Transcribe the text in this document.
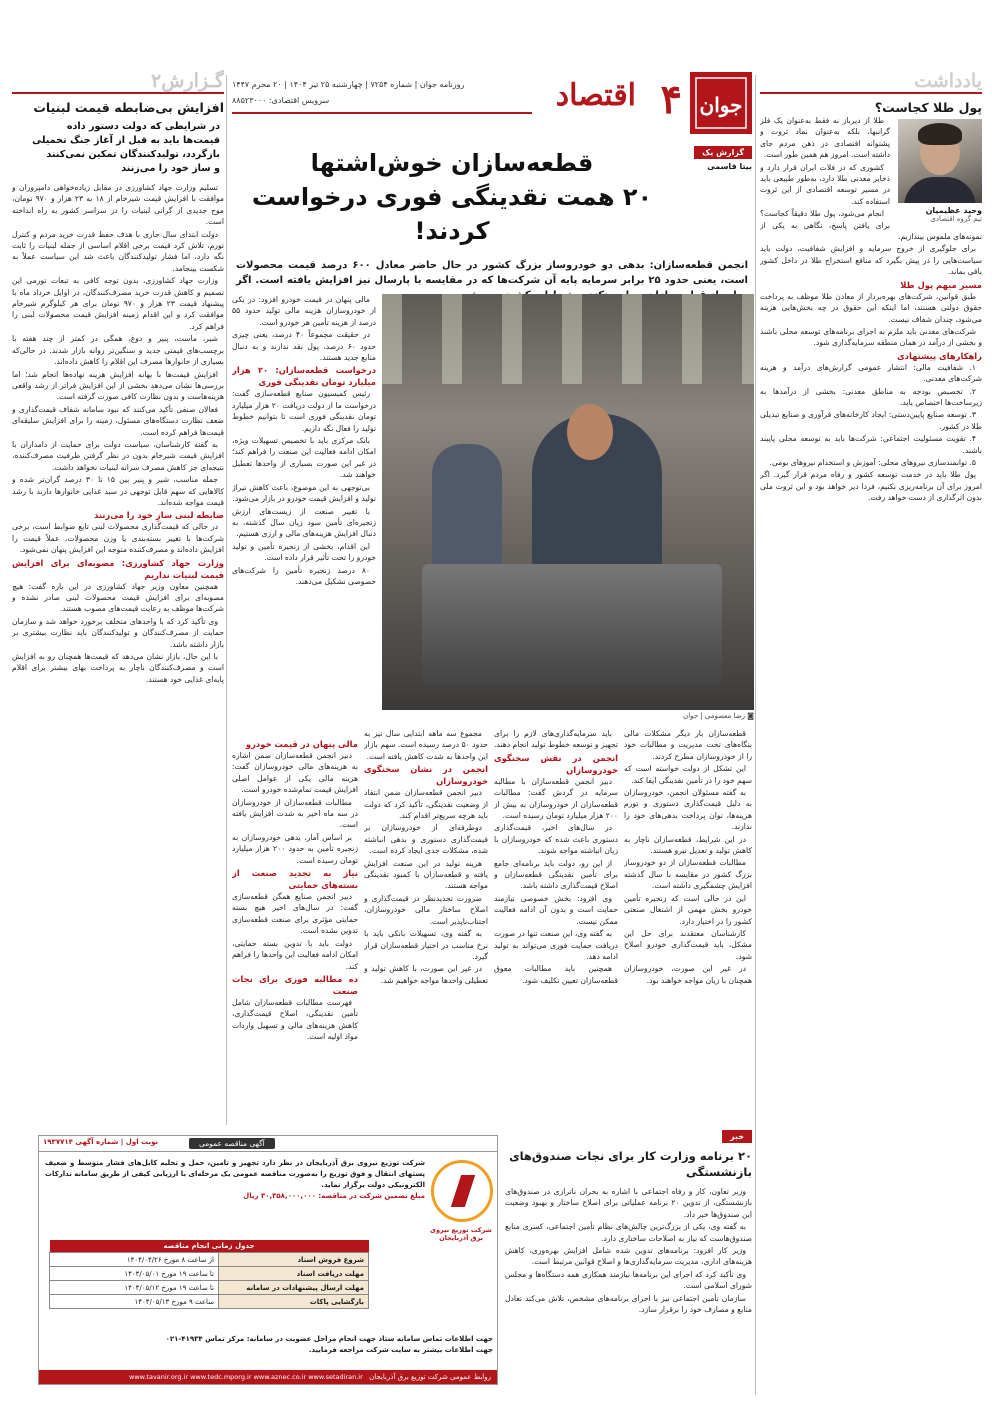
گـزارش۲
افزایش بی‌ضابطه قیمت لبنیات
در شرایطی که دولت دستور داده
قیمت‌ها باید به قبل از آغاز جنگ تحمیلی
بازگردد، تولیدکنندگان تمکین نمی‌کنند
و ساز خود را می‌زنند

تسلیم وزارت جهاد کشاورزی در مقابل زیاده‌خواهی دامپروران و موافقت با افزایش قیمت شیرخام از ۱۸ به ۲۳ هزار و ۹۷۰ تومان، موج جدیدی از گرانی لبنیات را در سراسر کشور به راه انداخته است.

دولت ابتدای سال جاری با هدف حفظ قدرت خرید مردم و کنترل تورم، تلاش کرد قیمت برخی اقلام اساسی از جمله لبنیات را ثابت نگه دارد، اما فشار تولیدکنندگان باعث شد این سیاست عملاً به شکست بینجامد.

وزارت جهاد کشاورزی، بدون توجه کافی به تبعات تورمی این تصمیم و کاهش قدرت خرید مصرف‌کنندگان، در اوایل خرداد ماه با پیشنهاد قیمت ۲۳ هزار و ۹۷۰ تومان برای هر کیلوگرم شیرخام موافقت کرد و این اقدام زمینه افزایش قیمت محصولات لبنی را فراهم کرد.

شیر، ماست، پنیر و دوغ، همگی در کمتر از چند هفته با برچسب‌های قیمتی جدید و سنگین‌تر روانه بازار شدند. در حالی‌که بسیاری از خانوارها مصرف این اقلام را کاهش داده‌اند.

افزایش قیمت‌ها با بهانه افزایش هزینه نهاده‌ها انجام شد؛ اما بررسی‌ها نشان می‌دهد بخشی از این افزایش فراتر از رشد واقعی هزینه‌هاست و بدون نظارت کافی صورت گرفته است.

فعالان صنفی تأکید می‌کنند که نبود سامانه شفاف قیمت‌گذاری و ضعف نظارت دستگاه‌های مسئول، زمینه را برای افزایش سلیقه‌ای قیمت‌ها فراهم کرده است.

به گفته کارشناسان، سیاست دولت برای حمایت از دامداران با افزایش قیمت شیرخام بدون در نظر گرفتن ظرفیت مصرف‌کننده، نتیجه‌ای جز کاهش مصرف سرانه لبنیات نخواهد داشت.

جمله مناسب، شیر و پنیر بین ۱۵ تا ۳۰ درصد گران‌تر شده و کالاهایی که سهم قابل توجهی در سبد غذایی خانوارها دارند با رشد قیمت مواجه شده‌اند.

ضابطه لبنی سازِ خود را می‌زنند

در حالی که قیمت‌گذاری محصولات لبنی تابع ضوابط است، برخی شرکت‌ها با تغییر بسته‌بندی یا وزن محصولات، عملاً قیمت را افزایش داده‌اند و مصرف‌کننده متوجه این افزایش پنهان نمی‌شود.

وزارت جهاد کشاورزی: مصوبه‌ای برای افزایش قیمت لبنیات نداریم

همچنین معاون وزیر جهاد کشاورزی در این باره گفت: هیچ مصوبه‌ای برای افزایش قیمت محصولات لبنی صادر نشده و شرکت‌ها موظف به رعایت قیمت‌های مصوب هستند.

وی تأکید کرد که با واحدهای متخلف برخورد خواهد شد و سازمان حمایت از مصرف‌کنندگان و تولیدکنندگان باید نظارت بیشتری بر بازار داشته باشد.

با این حال، بازار نشان می‌دهد که قیمت‌ها همچنان رو به افزایش است و مصرف‌کنندگان ناچار به پرداخت بهای بیشتر برای اقلام پایه‌ای غذایی خود هستند.

یادداشت
پول طلا کجاست؟
وحید عظیمیان
تیم گروه اقتصادی

طلا از دیرباز نه فقط به‌عنوان یک فلز گرانبها، بلکه به‌عنوان نماد ثروت و پشتوانه اقتصادی در ذهن مردم جای داشته است. امروز هم همین طور است.

کشوری که در فلات ایران قرار دارد و ذخایر معدنی طلا دارد، به‌طور طبیعی باید در مسیر توسعه اقتصادی از این ثروت استفاده کند.

انجام می‌شود، پول طلا دقیقاً کجاست؟ برای یافتن پاسخ، نگاهی به یکی از نمونه‌های ملموس بیندازیم.

برای جلوگیری از خروج سرمایه و افزایش شفافیت، دولت باید سیاست‌هایی را در پیش بگیرد که منافع استخراج طلا در داخل کشور باقی بماند.

مسیر مبهم پول طلا

طبق قوانین، شرکت‌های بهره‌بردار از معادن طلا موظف به پرداخت حقوق دولتی هستند، اما اینکه این حقوق در چه بخش‌هایی هزینه می‌شود، چندان شفاف نیست.

شرکت‌های معدنی باید ملزم به اجرای برنامه‌های توسعه محلی باشند و بخشی از درآمد در همان منطقه سرمایه‌گذاری شود.

راهکارهای پیشنهادی

۱. شفافیت مالی: انتشار عمومی گزارش‌های درآمد و هزینه شرکت‌های معدنی.

۲. تخصیص بودجه به مناطق معدنی: بخشی از درآمدها به زیرساخت‌ها اختصاص یابد.

۳. توسعه صنایع پایین‌دستی: ایجاد کارخانه‌های فرآوری و صنایع تبدیلی طلا در کشور.

۴. تقویت مسئولیت اجتماعی: شرکت‌ها باید به توسعه محلی پایبند باشند.

۵. توانمندسازی نیروهای محلی: آموزش و استخدام نیروهای بومی.

پول طلا باید در خدمت توسعه کشور و رفاه مردم قرار گیرد. اگر امروز برای آن برنامه‌ریزی نکنیم، فردا دیر خواهد بود و این ثروت ملی بدون اثرگذاری از دست خواهد رفت.

جوان
۴
اقتصاد
روزنامه جوان | شماره ۷۲۵۴ | چهارشنبه ۲۵ تیر ۱۴۰۴ | ۲۰ محرم ۱۴۴۷
سرویس اقتصادی: ۸۸۵۲۳۰۰۰
گزارش یک
بیتا قاسمی
قطعه‌سازان خوش‌اشتها
۲۰ همت نقدینگی فوری درخواست کردند!
انجمن قطعه‌سازان: بدهی دو خودروساز بزرگ کشور در حال حاضر معادل ۶۰۰ درصد قیمت محصولات است، یعنی حدود ۲۵ برابر سرمایه پایه آن شرکت‌ها که در مقایسه با پارسال نیز افزایش یافته است. اگر
◙ رضا معصومی | جوان

مالی پنهان در قیمت خودرو افزود: در یکی از خودروسازان هزینه مالی تولید حدود ۵۵ درصد از هزینه تأمین هر خودرو است.

در حقیقت مجموعاً ۴۰ درصد، یعنی چیزی حدود ۶۰ درصد، پول نقد ندارند و به دنبال منابع جدید هستند.

درخواست قطعه‌سازان: ۲۰ هزار میلیارد تومان نقدینگی فوری

رئیس کمیسیون صنایع قطعه‌سازی گفت: درخواست ما از دولت دریافت ۲۰ هزار میلیارد تومان نقدینگی فوری است تا بتوانیم خطوط تولید را فعال نگه داریم.

بانک مرکزی باید با تخصیص تسهیلات ویژه، امکان ادامه فعالیت این صنعت را فراهم کند؛ در غیر این صورت بسیاری از واحدها تعطیل خواهند شد.

بی‌توجهی به این موضوع، باعث کاهش تیراژ تولید و افزایش قیمت خودرو در بازار می‌شود.

با تغییر صنعت از زیست‌های ارزش زنجیره‌ای تأمین سود زیان سال گذشته، به دنبال افزایش هزینه‌های مالی و ارزی هستیم.

این اقدام، بخشی از زنجیره تأمین و تولید خودرو را تحت تأثیر قرار داده است.

۸۰ درصد زنجیره تأمین را شرکت‌های خصوصی تشکیل می‌دهند.

قطعه‌سازان بار دیگر مشکلات مالی بنگاه‌های تحت مدیریت و مطالبات خود را از خودروسازان مطرح کردند.

این تشکل از دولت خواسته است که سهم خود را در تأمین نقدینگی ایفا کند.

به گفته مسئولان انجمن، خودروسازان به دلیل قیمت‌گذاری دستوری و تورم هزینه‌ها، توان پرداخت بدهی‌های خود را ندارند.

در این شرایط، قطعه‌سازان ناچار به کاهش تولید و تعدیل نیرو هستند.

مطالبات قطعه‌سازان از دو خودروساز بزرگ کشور در مقایسه با سال گذشته افزایش چشمگیری داشته است.

این در حالی است که زنجیره تأمین خودرو بخش مهمی از اشتغال صنعتی کشور را در اختیار دارد.

کارشناسان معتقدند برای حل این مشکل، باید قیمت‌گذاری خودرو اصلاح شود.

در غیر این صورت، خودروسازان همچنان با زیان مواجه خواهند بود.

باید سرمایه‌گذاری‌های لازم را برای تجهیز و توسعه خطوط تولید انجام دهند.

انجمن در نقش سخنگوی خودروسازان

دبیر انجمن قطعه‌سازان با مطالبه سرمایه در گردش گفت: مطالبات قطعه‌سازان از خودروسازان به بیش از ۲۰۰ هزار میلیارد تومان رسیده است.

در سال‌های اخیر، قیمت‌گذاری دستوری باعث شده که خودروسازان با زیان انباشته مواجه شوند.

از این رو، دولت باید برنامه‌ای جامع برای تأمین نقدینگی قطعه‌سازان و اصلاح قیمت‌گذاری داشته باشد.

وی افزود: بخش خصوصی نیازمند حمایت است و بدون آن ادامه فعالیت ممکن نیست.

به گفته وی، این صنعت تنها در صورت دریافت حمایت فوری می‌تواند به تولید ادامه دهد.

همچنین باید مطالبات معوق قطعه‌سازان تعیین تکلیف شود.

مجموع سه ماهه ابتدایی سال نیز به حدود ۵۰ درصد رسیده است. سهم بازار این واحدها به شدت کاهش یافته است.

انجمن در نشان سخنگوی خودروسازان

دبیر انجمن قطعه‌سازان ضمن انتقاد از وضعیت نقدینگی، تأکید کرد که دولت باید هرچه سریع‌تر اقدام کند.

دوطرفه‌ای از خودروسازان بر قیمت‌گذاری دستوری و بدهی انباشته شده، مشکلات جدی ایجاد کرده است.

هزینه تولید در این صنعت افزایش یافته و قطعه‌سازان با کمبود نقدینگی مواجه هستند.

ضرورت تجدیدنظر در قیمت‌گذاری و اصلاح ساختار مالی خودروسازان، اجتناب‌ناپذیر است.

به گفته وی، تسهیلات بانکی باید با نرخ مناسب در اختیار قطعه‌سازان قرار گیرد.

در غیر این صورت، با کاهش تولید و تعطیلی واحدها مواجه خواهیم شد.

مالی پنهان در قیمت خودرو

دبیر انجمن قطعه‌سازان ضمن اشاره به هزینه‌های مالی خودروسازان گفت: هزینه مالی یکی از عوامل اصلی افزایش قیمت تمام‌شده خودرو است.

مطالبات قطعه‌سازان از خودروسازان در سه ماه اخیر به شدت افزایش یافته است.

بر اساس آمار، بدهی خودروسازان به زنجیره تأمین به حدود ۲۰۰ هزار میلیارد تومان رسیده است.

نیاز به تجدید صنعت از بسته‌های حمایتی

دبیر انجمن صنایع همگن قطعه‌سازی گفت: در سال‌های اخیر هیچ بسته حمایتی مؤثری برای صنعت قطعه‌سازی تدوین نشده است.

دولت باید با تدوین بسته حمایتی، امکان ادامه فعالیت این واحدها را فراهم کند.

ده مطالبه فوری برای نجات صنعت

فهرست مطالبات قطعه‌سازان شامل تأمین نقدینگی، اصلاح قیمت‌گذاری، کاهش هزینه‌های مالی و تسهیل واردات مواد اولیه است.

خبر
۲۰ برنامه وزارت کار برای نجات صندوق‌های بازنشستگی

وزیر تعاون، کار و رفاه اجتماعی با اشاره به بحران ناترازی در صندوق‌های بازنشستگی، از تدوین ۲۰ برنامه عملیاتی برای اصلاح ساختار و بهبود وضعیت این صندوق‌ها خبر داد.

به گفته وی، یکی از بزرگ‌ترین چالش‌های نظام تأمین اجتماعی، کسری منابع صندوق‌هاست که نیاز به اصلاحات ساختاری دارد.

وزیر کار افزود: برنامه‌های تدوین شده شامل افزایش بهره‌وری، کاهش هزینه‌های اداری، مدیریت سرمایه‌گذاری‌ها و اصلاح قوانین مرتبط است.

وی تأکید کرد که اجرای این برنامه‌ها نیازمند همکاری همه دستگاه‌ها و مجلس شورای اسلامی است.

سازمان تأمین اجتماعی نیز با اجرای برنامه‌های مشخص، تلاش می‌کند تعادل منابع و مصارف خود را برقرار سازد.

نوبت اول | شماره آگهی ۱۹۳۷۷۱۴	آگهی مناقصه عمومی
شرکت توزیع نیروی برق آذربایجان
شرکت توزیع نیروی برق آذربایجان در نظر دارد تجهیز و تامین، حمل و تخلیه کابل‌های فشار متوسط و ضعیف پستهای انتقال و فوق توزیع را به‌صورت مناقصه عمومی یک مرحله‌ای با ارزیابی کیفی از طریق سامانه تدارکات الکترونیکی دولت برگزار نماید.
مبلغ تضمین شرکت در مناقصه: ۳۰,۳۵۸,۰۰۰,۰۰۰ ریال
جدول زمانی انجام مناقصه	
شروع فروش اسناد	از ساعت ۸ مورخ ۱۴۰۴/۰۴/۲۶
مهلت دریافت اسناد	تا ساعت ۱۹ مورخ ۱۴۰۴/۰۵/۰۱
مهلت ارسال پیشنهادات در سامانه	تا ساعت ۱۹ مورخ ۱۴۰۴/۰۵/۱۲
بازگشایی پاکات	ساعت ۹ مورخ ۱۴۰۴/۰۵/۱۳
جهت اطلاعات تماس سامانه ستاد جهت انجام مراحل عضویت در سامانه: مرکز تماس ۴۱۹۳۴-۰۲۱
جهت اطلاعات بیشتر به سایت شرکت مراجعه فرمایید.
روابط عمومی شرکت توزیع برق آذربایجان
www.tavanir.org.ir www.tedc.mporg.ir www.aznec.co.ir www.setadiran.ir
